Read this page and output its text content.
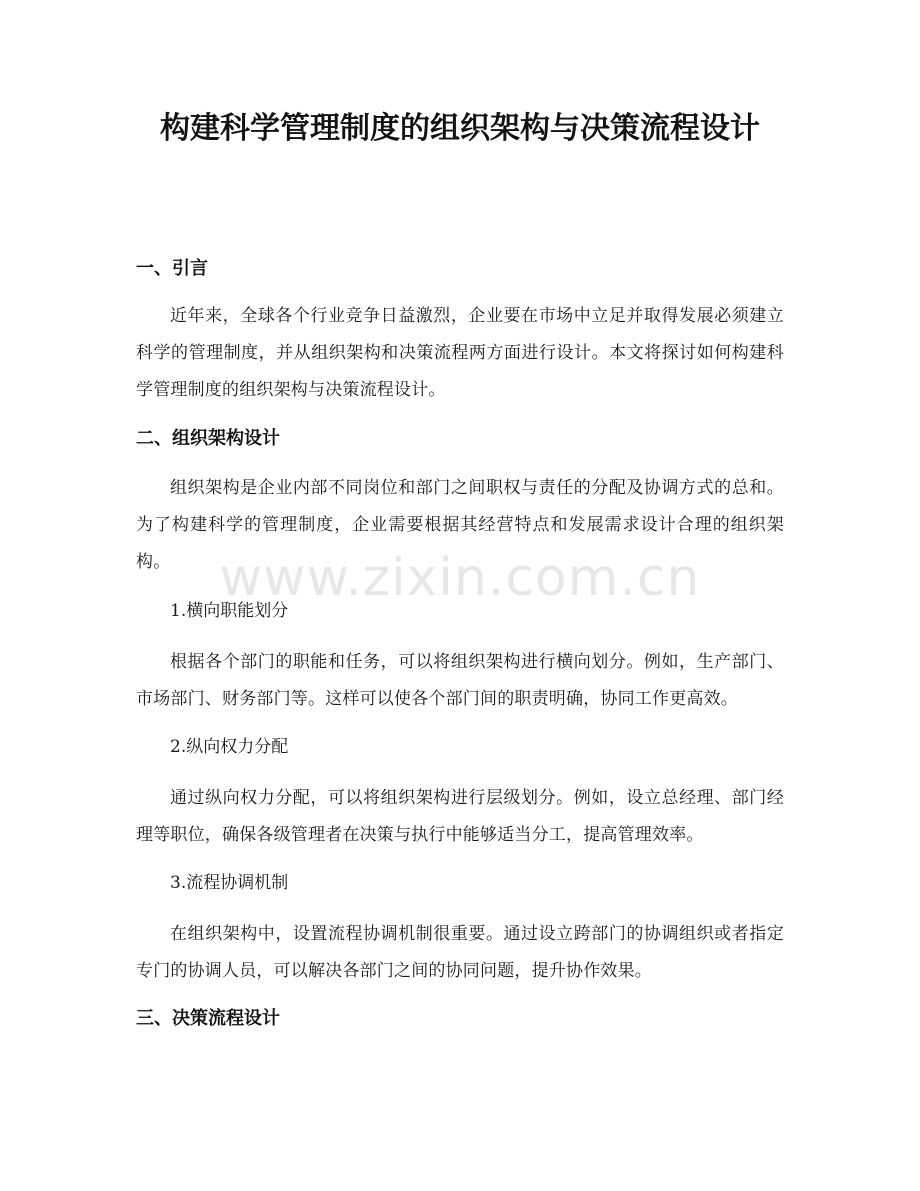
构建科学管理制度的组织架构与决策流程设计
一、引言

近年来，全球各个行业竞争日益激烈，企业要在市场中立足并取得发展必须建立科学的管理制度，并从组织架构和决策流程两方面进行设计。本文将探讨如何构建科学管理制度的组织架构与决策流程设计。

二、组织架构设计

组织架构是企业内部不同岗位和部门之间职权与责任的分配及协调方式的总和。为了构建科学的管理制度，企业需要根据其经营特点和发展需求设计合理的组织架构。 www.zixin.com.cn

1.横向职能划分

根据各个部门的职能和任务，可以将组织架构进行横向划分。例如，生产部门、市场部门、财务部门等。这样可以使各个部门间的职责明确，协同工作更高效。

2.纵向权力分配

通过纵向权力分配，可以将组织架构进行层级划分。例如，设立总经理、部门经理等职位，确保各级管理者在决策与执行中能够适当分工，提高管理效率。

3.流程协调机制

在组织架构中，设置流程协调机制很重要。通过设立跨部门的协调组织或者指定专门的协调人员，可以解决各部门之间的协同问题，提升协作效果。

三、决策流程设计
